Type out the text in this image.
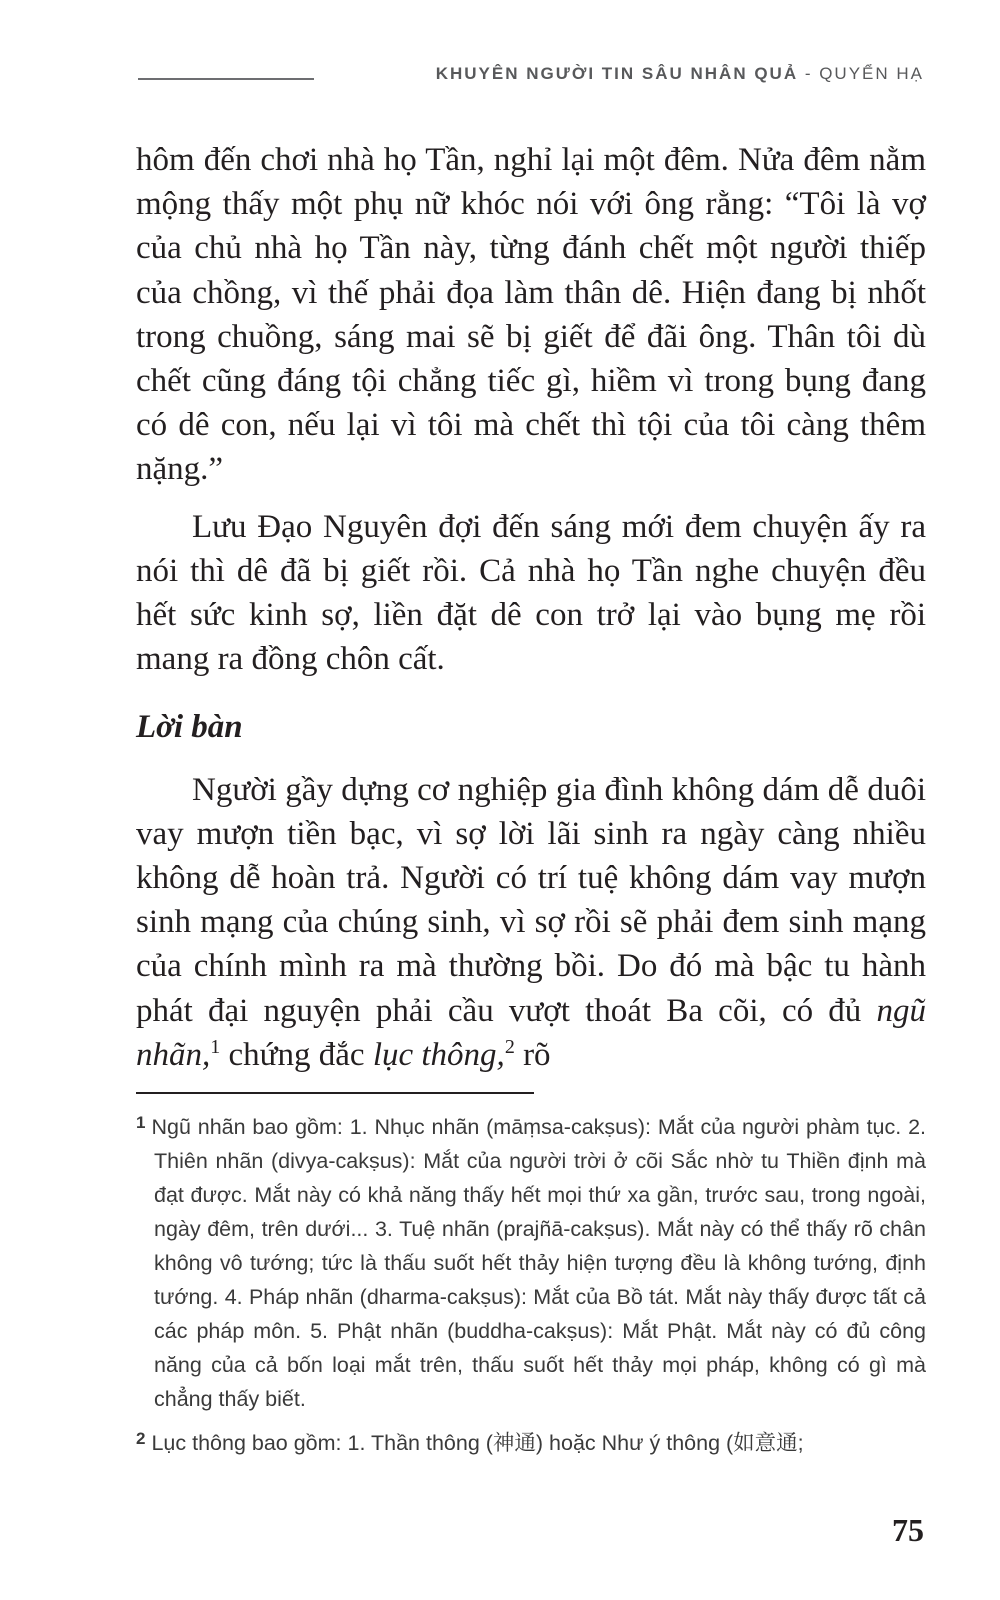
KHUYÊN NGƯỜI TIN SÂU NHÂN QUẢ - QUYỂN HẠ

hôm đến chơi nhà họ Tần, nghỉ lại một đêm. Nửa đêm nằm mộng thấy một phụ nữ khóc nói với ông rằng: “Tôi là vợ của chủ nhà họ Tần này, từng đánh chết một người thiếp của chồng, vì thế phải đọa làm thân dê. Hiện đang bị nhốt trong chuồng, sáng mai sẽ bị giết để đãi ông. Thân tôi dù chết cũng đáng tội chẳng tiếc gì, hiềm vì trong bụng đang có dê con, nếu lại vì tôi mà chết thì tội của tôi càng thêm nặng.”

Lưu Đạo Nguyên đợi đến sáng mới đem chuyện ấy ra nói thì dê đã bị giết rồi. Cả nhà họ Tần nghe chuyện đều hết sức kinh sợ, liền đặt dê con trở lại vào bụng mẹ rồi mang ra đồng chôn cất.

Lời bàn

Người gầy dựng cơ nghiệp gia đình không dám dễ duôi vay mượn tiền bạc, vì sợ lời lãi sinh ra ngày càng nhiều không dễ hoàn trả. Người có trí tuệ không dám vay mượn sinh mạng của chúng sinh, vì sợ rồi sẽ phải đem sinh mạng của chính mình ra mà thường bồi. Do đó mà bậc tu hành phát đại nguyện phải cầu vượt thoát Ba cõi, có đủ ngũ nhãn,$^1$ chứng đắc lục thông,$^2$ rõ

$^1$ Ngũ nhãn bao gồm: 1. Nhục nhãn (māṃsa-cakṣus): Mắt của người phàm tục. 2. Thiên nhãn (divya-cakṣus): Mắt của người trời ở cõi Sắc nhờ tu Thiền định mà đạt được. Mắt này có khả năng thấy hết mọi thứ xa gần, trước sau, trong ngoài, ngày đêm, trên dưới... 3. Tuệ nhãn (prajñā-cakṣus). Mắt này có thể thấy rõ chân không vô tướng; tức là thấu suốt hết thảy hiện tượng đều là không tướng, định tướng. 4. Pháp nhãn (dharma-cakṣus): Mắt của Bồ tát. Mắt này thấy được tất cả các pháp môn. 5. Phật nhãn (buddha-cakṣus): Mắt Phật. Mắt này có đủ công năng của cả bốn loại mắt trên, thấu suốt hết thảy mọi pháp, không có gì mà chẳng thấy biết.

$^2$ Lục thông bao gồm: 1. Thần thông (神通) hoặc Như ý thông (如意通;

75
